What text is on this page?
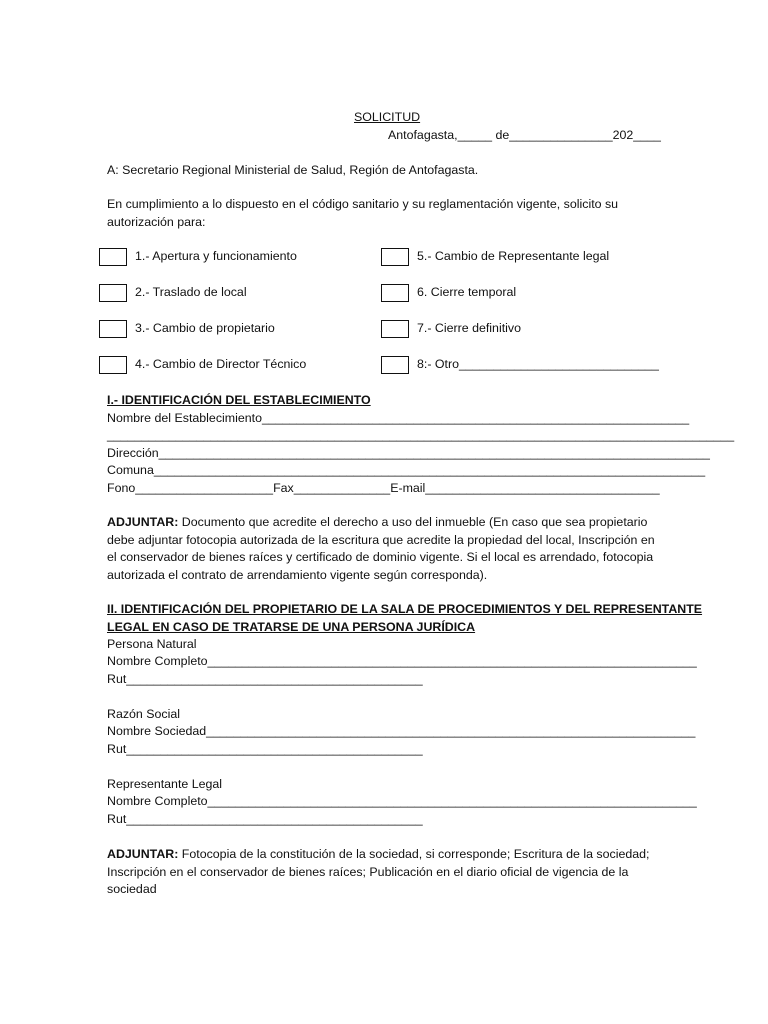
SOLICITUD
Antofagasta,_____ de_______________202____
A: Secretario Regional Ministerial de Salud, Región de Antofagasta.
En cumplimiento a lo dispuesto en el código sanitario y su reglamentación vigente, solicito su autorización para:
1.- Apertura y funcionamiento
2.- Traslado de local
3.- Cambio de propietario
4.- Cambio de Director Técnico
5.- Cambio de Representante legal
6. Cierre temporal
7.- Cierre definitivo
8:- Otro_____________________________
I.- IDENTIFICACIÓN DEL ESTABLECIMIENTO
Nombre del Establecimiento______________________________________________________________
___________________________________________________________________________________________
Dirección________________________________________________________________________________
Comuna________________________________________________________________________________
Fono____________________Fax______________E-mail__________________________________
ADJUNTAR: Documento que acredite el derecho a uso del inmueble (En caso que sea propietario debe adjuntar fotocopia autorizada de la escritura que acredite la propiedad del local, Inscripción en el conservador de bienes raíces y certificado de dominio vigente. Si el local es arrendado, fotocopia autorizada el contrato de arrendamiento vigente según corresponda).
II. IDENTIFICACIÓN DEL PROPIETARIO DE LA SALA DE PROCEDIMIENTOS Y DEL REPRESENTANTE
LEGAL EN CASO DE TRATARSE DE UNA PERSONA JURÍDICA
Persona Natural
Nombre Completo_______________________________________________________________________
Rut___________________________________________
Razón Social
Nombre Sociedad_______________________________________________________________________
Rut___________________________________________
Representante Legal
Nombre Completo_______________________________________________________________________
Rut___________________________________________
ADJUNTAR: Fotocopia de la constitución de la sociedad, si corresponde; Escritura de la sociedad; Inscripción en el conservador de bienes raíces; Publicación en el diario oficial de vigencia de la sociedad
